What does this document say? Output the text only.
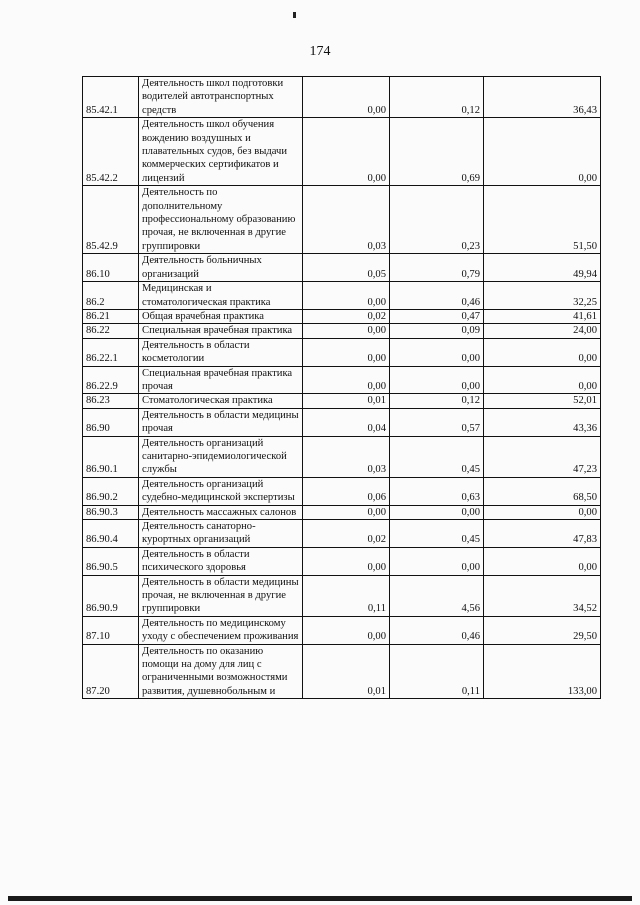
174
85.42.1	Деятельность школ подготовки водителей автотранспортных средств	0,00	0,12	36,43
85.42.2	Деятельность школ обучения вождению воздушных и плавательных судов, без выдачи коммерческих сертификатов и лицензий	0,00	0,69	0,00
85.42.9	Деятельность по дополнительному профессиональному образованию прочая, не включенная в другие группировки	0,03	0,23	51,50
86.10	Деятельность больничных организаций	0,05	0,79	49,94
86.2	Медицинская и стоматологическая практика	0,00	0,46	32,25
86.21	Общая врачебная практика	0,02	0,47	41,61
86.22	Специальная врачебная практика	0,00	0,09	24,00
86.22.1	Деятельность в области косметологии	0,00	0,00	0,00
86.22.9	Специальная врачебная практика прочая	0,00	0,00	0,00
86.23	Стоматологическая практика	0,01	0,12	52,01
86.90	Деятельность в области медицины прочая	0,04	0,57	43,36
86.90.1	Деятельность организаций санитарно-эпидемиологической службы	0,03	0,45	47,23
86.90.2	Деятельность организаций судебно-медицинской экспертизы	0,06	0,63	68,50
86.90.3	Деятельность массажных салонов	0,00	0,00	0,00
86.90.4	Деятельность санаторно-курортных организаций	0,02	0,45	47,83
86.90.5	Деятельность в области психического здоровья	0,00	0,00	0,00
86.90.9	Деятельность в области медицины прочая, не включенная в другие группировки	0,11	4,56	34,52
87.10	Деятельность по медицинскому уходу с обеспечением проживания	0,00	0,46	29,50
87.20	Деятельность по оказанию помощи на дому для лиц с ограниченными возможностями развития, душевнобольным и	0,01	0,11	133,00
